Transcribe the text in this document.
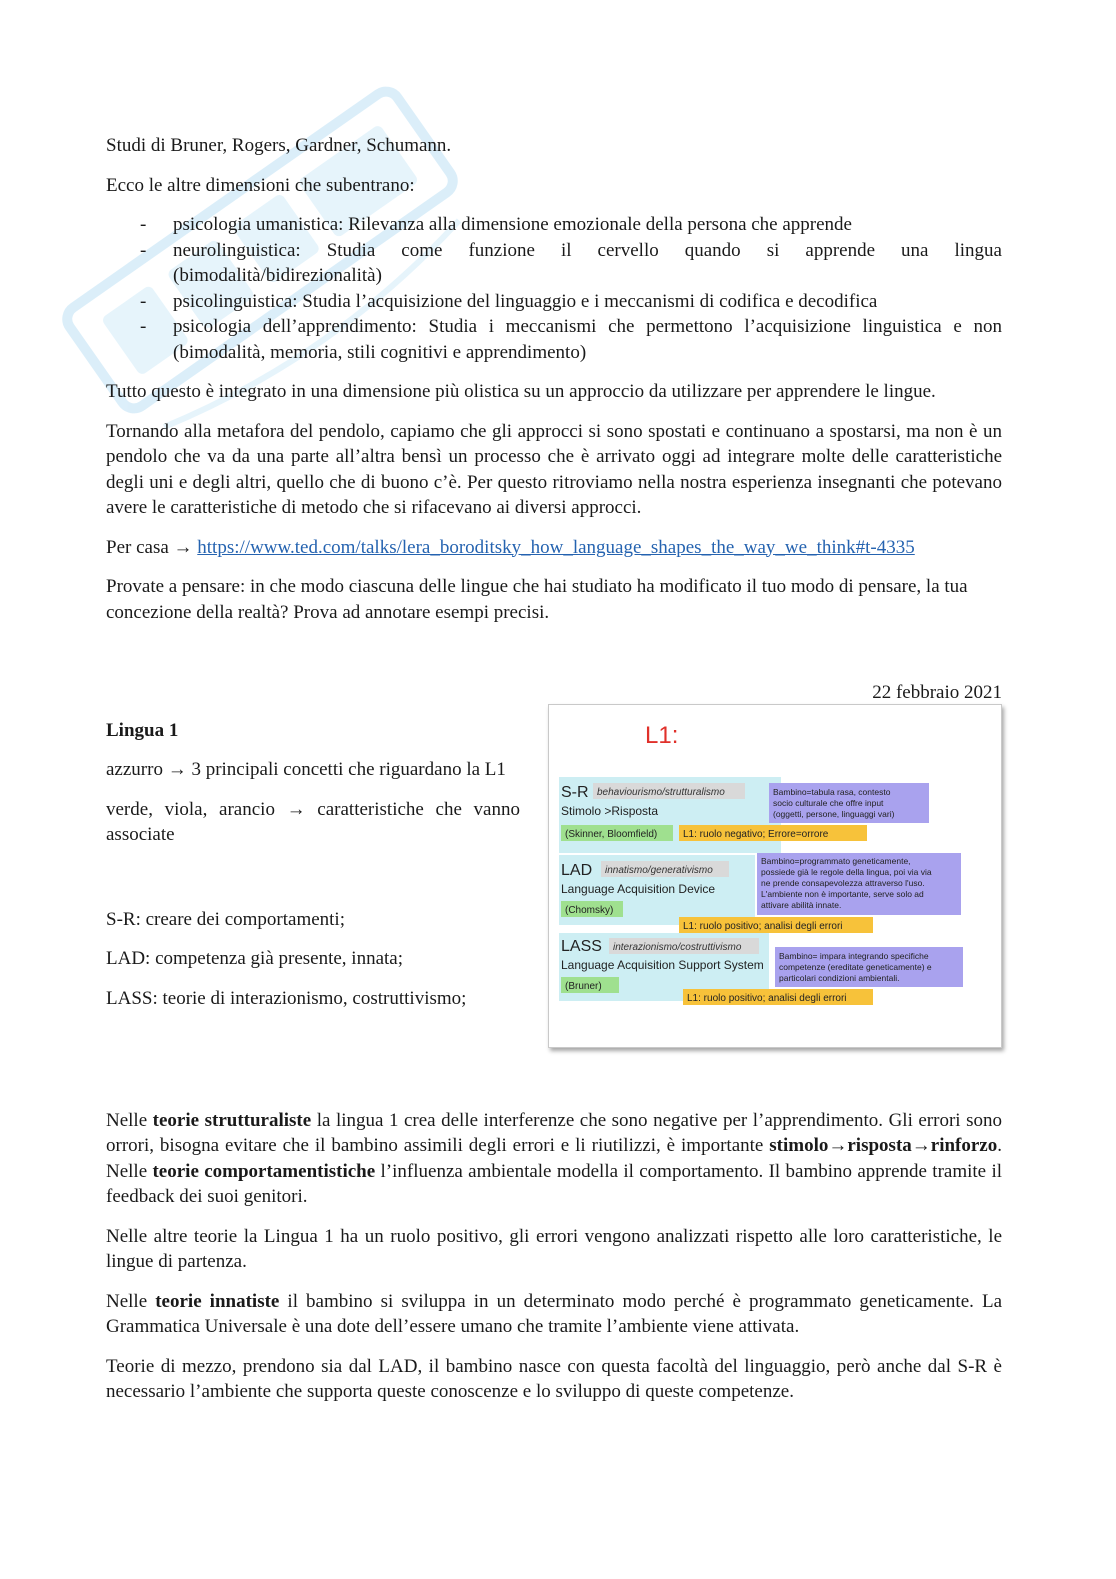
Studi di Bruner, Rogers, Gardner, Schumann.

Ecco le altre dimensioni che subentrano:

- psicologia umanistica: Rilevanza alla dimensione emozionale della persona che apprende
- neurolinguistica: Studia come funzione il cervello quando si apprende una lingua (bimodalità/bidirezionalità)
- psicolinguistica: Studia l’acquisizione del linguaggio e i meccanismi di codifica e decodifica
- psicologia dell’apprendimento: Studia i meccanismi che permettono l’acquisizione linguistica e non (bimodalità, memoria, stili cognitivi e apprendimento)

Tutto questo è integrato in una dimensione più olistica su un approccio da utilizzare per apprendere le lingue.

Tornando alla metafora del pendolo, capiamo che gli approcci si sono spostati e continuano a spostarsi, ma non è un pendolo che va da una parte all’altra bensì un processo che è arrivato oggi ad integrare molte delle caratteristiche degli uni e degli altri, quello che di buono c’è. Per questo ritroviamo nella nostra esperienza insegnanti che potevano avere le caratteristiche di metodo che si rifacevano ai diversi approcci.

Per casa → https://www.ted.com/talks/lera_boroditsky_how_language_shapes_the_way_we_think#t-4335

Provate a pensare: in che modo ciascuna delle lingue che hai studiato ha modificato il tuo modo di pensare, la tua concezione della realtà? Prova ad annotare esempi precisi.

22 febbraio 2021

Lingua 1

azzurro → 3 principali concetti che riguardano la L1

verde, viola, arancio → caratteristiche che vanno associate

S-R: creare dei comportamenti;

LAD: competenza già presente, innata;

LASS: teorie di interazionismo, costruttivismo;

L1:
S-R behaviourismo/strutturalismo
Stimolo >Risposta
(Skinner, Bloomfield)	L1: ruolo negativo; Errore=orrore
Bambino=tabula rasa, contesto
socio culturale che offre input
(oggetti, persone, linguaggi vari)
LAD innatismo/generativismo
Language Acquisition Device
(Chomsky)
Bambino=programmato geneticamente,
possiede già le regole della lingua, poi via via
ne prende consapevolezza attraverso l'uso.
L'ambiente non è importante, serve solo ad
attivare abilità innate.
L1: ruolo positivo; analisi degli errori
LASS interazionismo/costruttivismo
Language Acquisition Support System
(Bruner)
Bambino= impara integrando specifiche
competenze (ereditate geneticamente) e
particolari condizioni ambientali.
L1: ruolo positivo; analisi degli errori

Nelle teorie strutturaliste la lingua 1 crea delle interferenze che sono negative per l’apprendimento. Gli errori sono orrori, bisogna evitare che il bambino assimili degli errori e li riutilizzi, è importante stimolo→risposta→rinforzo. Nelle teorie comportamentistiche l’influenza ambientale modella il comportamento. Il bambino apprende tramite il feedback dei suoi genitori.

Nelle altre teorie la Lingua 1 ha un ruolo positivo, gli errori vengono analizzati rispetto alle loro caratteristiche, le lingue di partenza.

Nelle teorie innatiste il bambino si sviluppa in un determinato modo perché è programmato geneticamente. La Grammatica Universale è una dote dell’essere umano che tramite l’ambiente viene attivata.

Teorie di mezzo, prendono sia dal LAD, il bambino nasce con questa facoltà del linguaggio, però anche dal S-R è necessario l’ambiente che supporta queste conoscenze e lo sviluppo di queste competenze.
